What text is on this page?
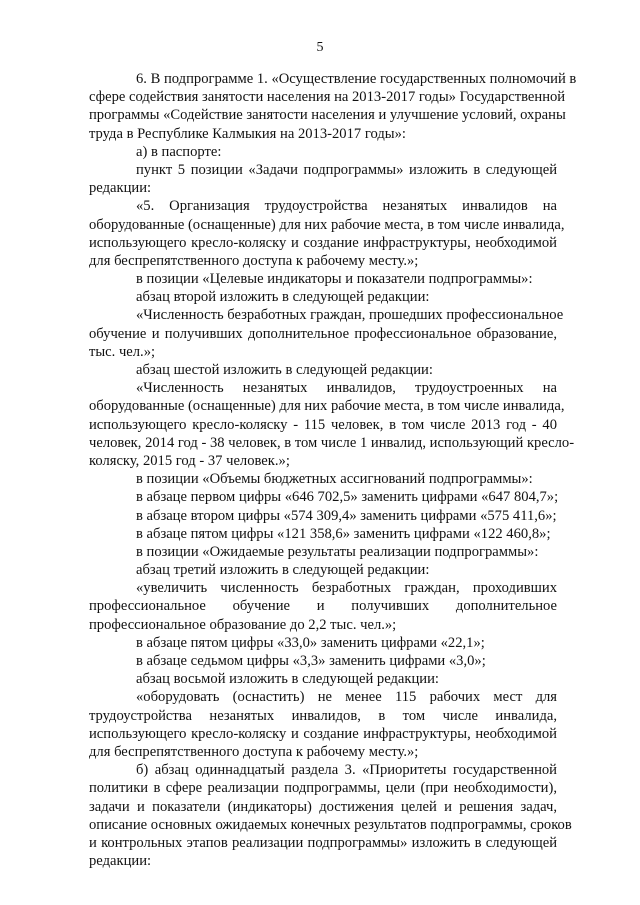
5
6. В подпрограмме 1. «Осуществление государственных полномочий в
сфере содействия занятости населения на 2013-2017 годы» Государственной
программы «Содействие занятости населения и улучшение условий, охраны
труда в Республике Калмыкия на 2013-2017 годы»:
а) в паспорте:
пункт 5 позиции «Задачи подпрограммы» изложить в следующей
редакции:
«5. Организация трудоустройства незанятых инвалидов на
оборудованные (оснащенные) для них рабочие места, в том числе инвалида,
использующего кресло-коляску и создание инфраструктуры, необходимой
для беспрепятственного доступа к рабочему месту.»;
в позиции «Целевые индикаторы и показатели подпрограммы»:
абзац второй изложить в следующей редакции:
«Численность безработных граждан, прошедших профессиональное
обучение и получивших дополнительное профессиональное образование,
тыс. чел.»;
абзац шестой изложить в следующей редакции:
«Численность незанятых инвалидов, трудоустроенных на
оборудованные (оснащенные) для них рабочие места, в том числе инвалида,
использующего кресло-коляску - 115 человек, в том числе 2013 год - 40
человек, 2014 год - 38 человек, в том числе 1 инвалид, использующий кресло-
коляску, 2015 год - 37 человек.»;
в позиции «Объемы бюджетных ассигнований подпрограммы»:
в абзаце первом цифры «646 702,5» заменить цифрами «647 804,7»;
в абзаце втором цифры «574 309,4» заменить цифрами «575 411,6»;
в абзаце пятом цифры «121 358,6» заменить цифрами «122 460,8»;
в позиции «Ожидаемые результаты реализации подпрограммы»:
абзац третий изложить в следующей редакции:
«увеличить численность безработных граждан, проходивших
профессиональное обучение и получивших дополнительное
профессиональное образование до 2,2 тыс. чел.»;
в абзаце пятом цифры «33,0» заменить цифрами «22,1»;
в абзаце седьмом цифры «3,3» заменить цифрами «3,0»;
абзац восьмой изложить в следующей редакции:
«оборудовать (оснастить) не менее 115 рабочих мест для
трудоустройства незанятых инвалидов, в том числе инвалида,
использующего кресло-коляску и создание инфраструктуры, необходимой
для беспрепятственного доступа к рабочему месту.»;
б) абзац одиннадцатый раздела 3. «Приоритеты государственной
политики в сфере реализации подпрограммы, цели (при необходимости),
задачи и показатели (индикаторы) достижения целей и решения задач,
описание основных ожидаемых конечных результатов подпрограммы, сроков
и контрольных этапов реализации подпрограммы» изложить в следующей
редакции:
